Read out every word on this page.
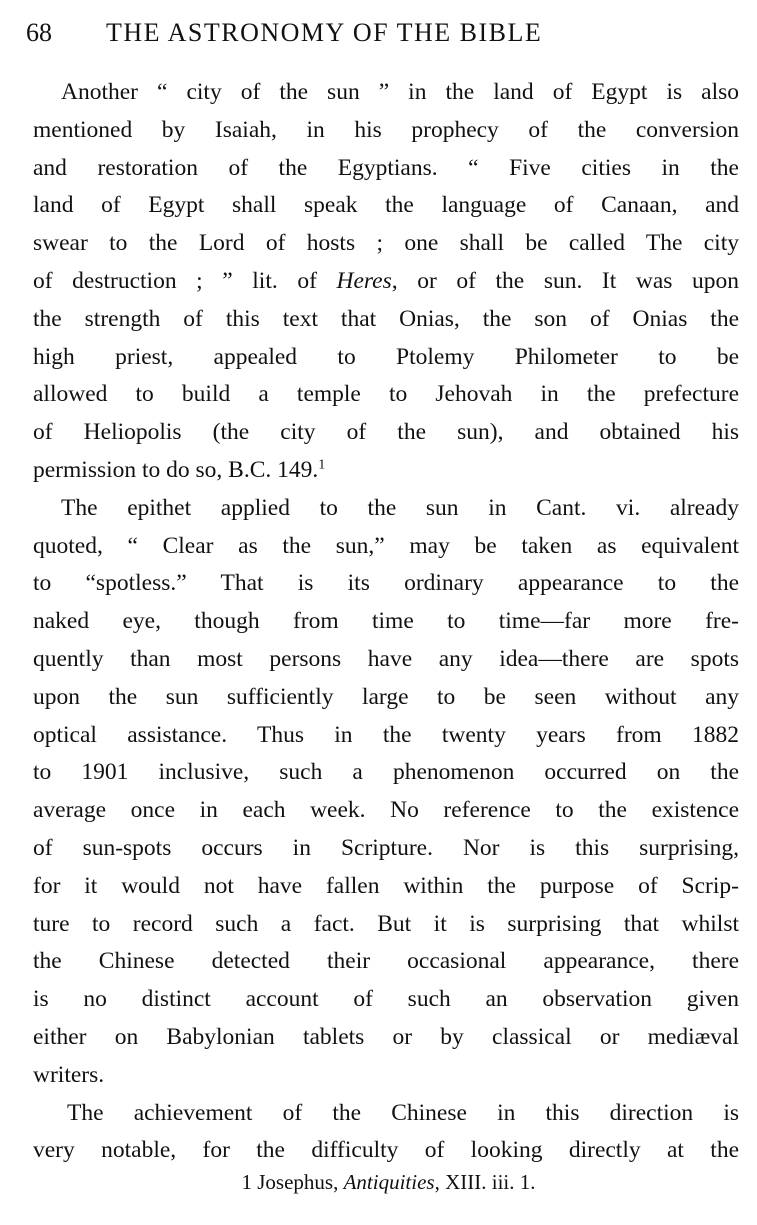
68 THE ASTRONOMY OF THE BIBLE
Another “ city of the sun ” in the land of Egypt is also
mentioned by Isaiah, in his prophecy of the conversion
and restoration of the Egyptians. “ Five cities in the
land of Egypt shall speak the language of Canaan, and
swear to the Lord of hosts ; one shall be called The city
of destruction ; ” lit. of Heres, or of the sun. It was upon
the strength of this text that Onias, the son of Onias the
high priest, appealed to Ptolemy Philometer to be
allowed to build a temple to Jehovah in the prefecture
of Heliopolis (the city of the sun), and obtained his
permission to do so, B.C. 149.$^1$
The epithet applied to the sun in Cant. vi. already
quoted, “ Clear as the sun,” may be taken as equivalent
to “spotless.” That is its ordinary appearance to the
naked eye, though from time to time—far more fre-
quently than most persons have any idea—there are spots
upon the sun sufficiently large to be seen without any
optical assistance. Thus in the twenty years from 1882
to 1901 inclusive, such a phenomenon occurred on the
average once in each week. No reference to the existence
of sun-spots occurs in Scripture. Nor is this surprising,
for it would not have fallen within the purpose of Scrip-
ture to record such a fact. But it is surprising that whilst
the Chinese detected their occasional appearance, there
is no distinct account of such an observation given
either on Babylonian tablets or by classical or mediæval
writers.
The achievement of the Chinese in this direction is
very notable, for the difficulty of looking directly at the
1 Josephus, Antiquities, XIII. iii. 1.
